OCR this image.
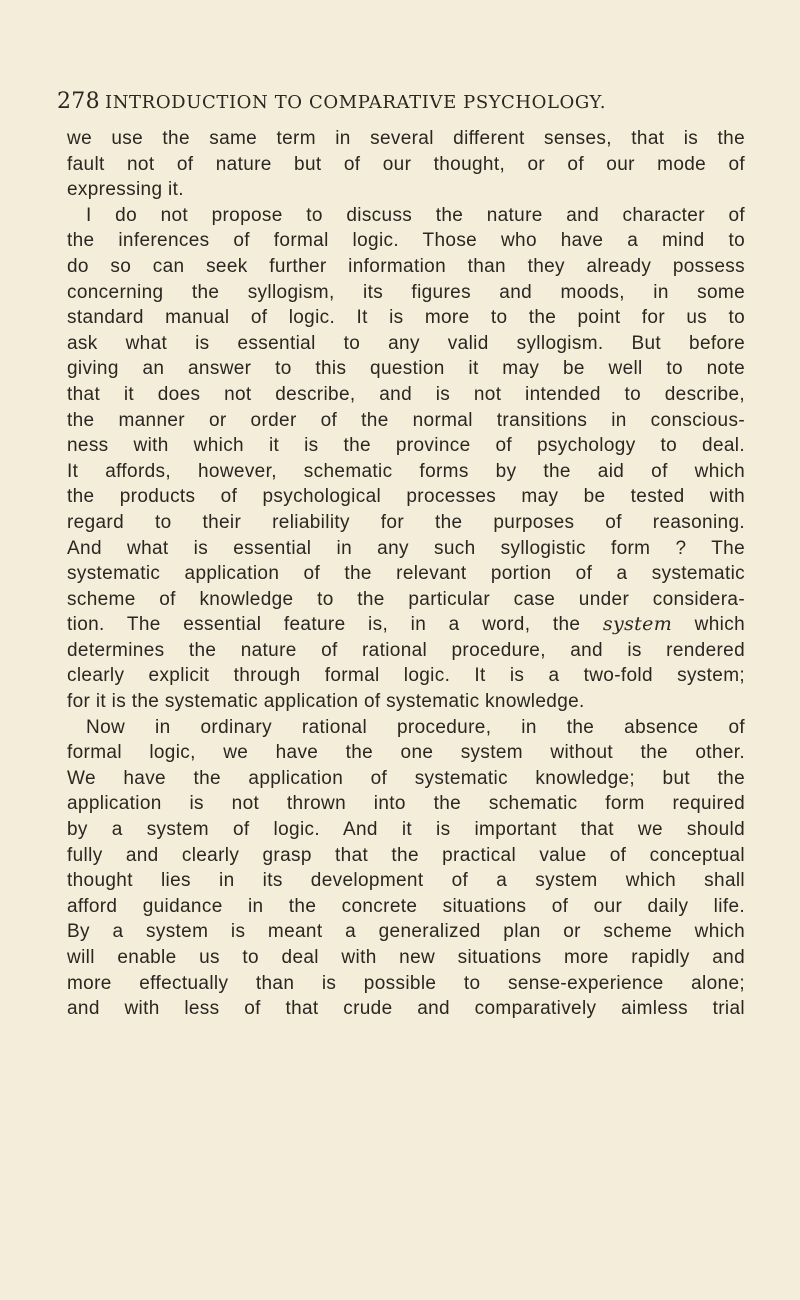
278 INTRODUCTION TO COMPARATIVE PSYCHOLOGY.
we use the same term in several different senses, that is the
fault not of nature but of our thought, or of our mode of
expressing it.
I do not propose to discuss the nature and character of
the inferences of formal logic. Those who have a mind to
do so can seek further information than they already possess
concerning the syllogism, its figures and moods, in some
standard manual of logic. It is more to the point for us to
ask what is essential to any valid syllogism. But before
giving an answer to this question it may be well to note
that it does not describe, and is not intended to describe,
the manner or order of the normal transitions in conscious-
ness with which it is the province of psychology to deal.
It affords, however, schematic forms by the aid of which
the products of psychological processes may be tested with
regard to their reliability for the purposes of reasoning.
And what is essential in any such syllogistic form ? The
systematic application of the relevant portion of a systematic
scheme of knowledge to the particular case under considera-
tion. The essential feature is, in a word, the system which
determines the nature of rational procedure, and is rendered
clearly explicit through formal logic. It is a two-fold system;
for it is the systematic application of systematic knowledge.
Now in ordinary rational procedure, in the absence of
formal logic, we have the one system without the other.
We have the application of systematic knowledge; but the
application is not thrown into the schematic form required
by a system of logic. And it is important that we should
fully and clearly grasp that the practical value of conceptual
thought lies in its development of a system which shall
afford guidance in the concrete situations of our daily life.
By a system is meant a generalized plan or scheme which
will enable us to deal with new situations more rapidly and
more effectually than is possible to sense-experience alone;
and with less of that crude and comparatively aimless trial
